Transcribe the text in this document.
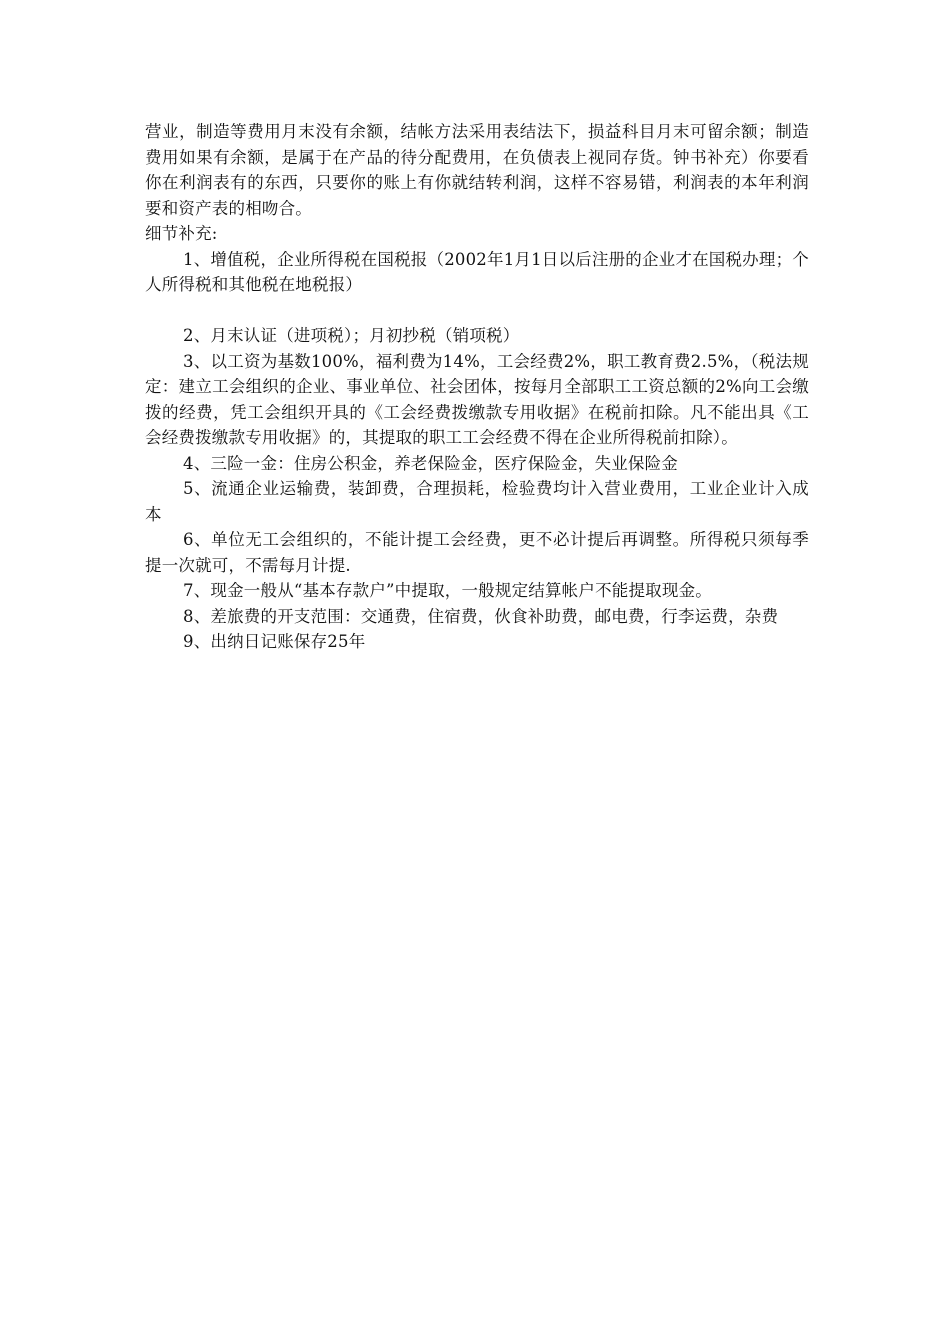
营业，制造等费用月末没有余额，结帐方法采用表结法下，损益科目月末可留余额；制造费用如果有余额，是属于在产品的待分配费用，在负债表上视同存货。钟书补充）你要看你在利润表有的东西，只要你的账上有你就结转利润，这样不容易错，利润表的本年利润要和资产表的相吻合。

细节补充:

1、增值税，企业所得税在国税报（2002年1月1日以后注册的企业才在国税办理；个人所得税和其他税在地税报）

2、月末认证（进项税）；月初抄税（销项税）

3、以工资为基数100%，福利费为14%，工会经费2%，职工教育费2.5%，（税法规定：建立工会组织的企业、事业单位、社会团体，按每月全部职工工资总额的2%向工会缴拨的经费，凭工会组织开具的《工会经费拨缴款专用收据》在税前扣除。凡不能出具《工会经费拨缴款专用收据》的，其提取的职工工会经费不得在企业所得税前扣除）。

4、三险一金：住房公积金，养老保险金，医疗保险金，失业保险金

5、流通企业运输费，装卸费，合理损耗，检验费均计入营业费用，工业企业计入成本

6、单位无工会组织的，不能计提工会经费，更不必计提后再调整。所得税只须每季提一次就可，不需每月计提.

7、现金一般从“基本存款户”中提取，一般规定结算帐户不能提取现金。

8、差旅费的开支范围：交通费，住宿费，伙食补助费，邮电费，行李运费，杂费

9、出纳日记账保存25年
